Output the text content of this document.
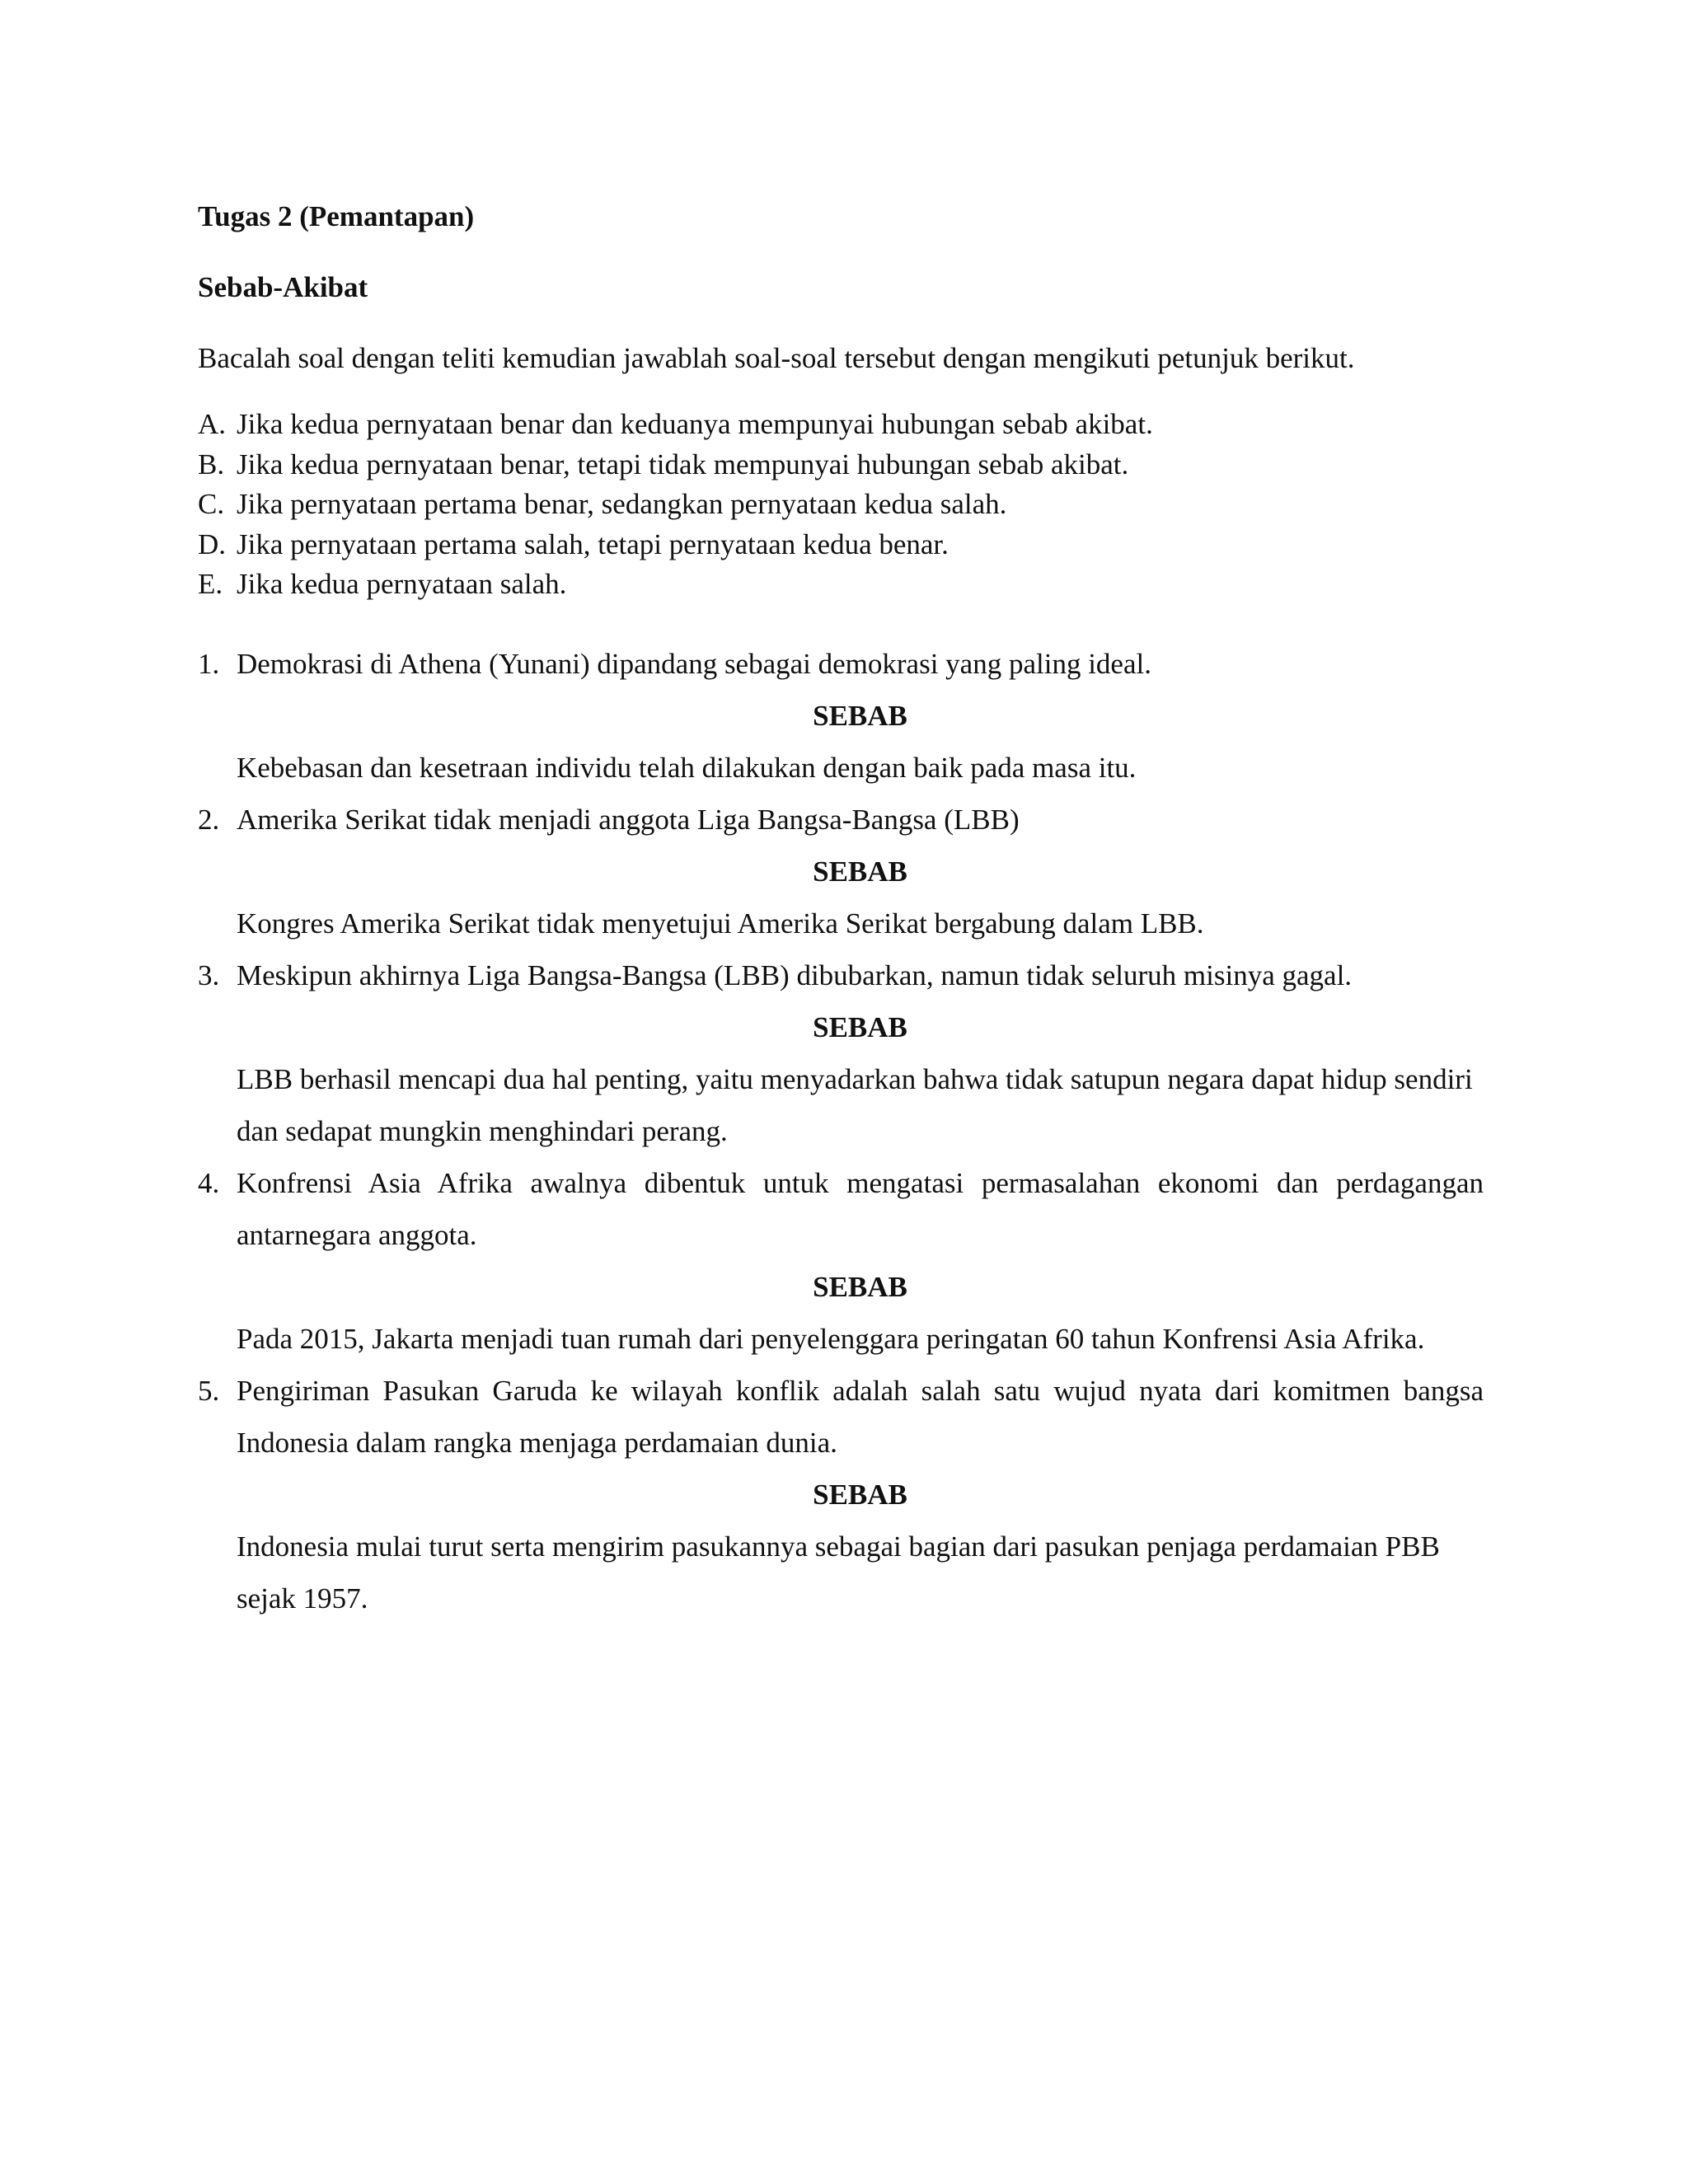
Tugas 2 (Pemantapan)
Sebab-Akibat
Bacalah soal dengan teliti kemudian jawablah soal-soal tersebut dengan mengikuti petunjuk berikut.
A. Jika kedua pernyataan benar dan keduanya mempunyai hubungan sebab akibat.
B. Jika kedua pernyataan benar, tetapi tidak mempunyai hubungan sebab akibat.
C. Jika pernyataan pertama benar, sedangkan pernyataan kedua salah.
D. Jika pernyataan pertama salah, tetapi pernyataan kedua benar.
E. Jika kedua pernyataan salah.
1. Demokrasi di Athena (Yunani) dipandang sebagai demokrasi yang paling ideal.
SEBAB
Kebebasan dan kesetraan individu telah dilakukan dengan baik pada masa itu.
2. Amerika Serikat tidak menjadi anggota Liga Bangsa-Bangsa (LBB)
SEBAB
Kongres Amerika Serikat tidak menyetujui Amerika Serikat bergabung dalam LBB.
3. Meskipun akhirnya Liga Bangsa-Bangsa (LBB) dibubarkan, namun tidak seluruh misinya gagal.
SEBAB
LBB berhasil mencapi dua hal penting, yaitu menyadarkan bahwa tidak satupun negara dapat hidup sendiri dan sedapat mungkin menghindari perang.
4. Konfrensi Asia Afrika awalnya dibentuk untuk mengatasi permasalahan ekonomi dan perdagangan antarnegara anggota.
SEBAB
Pada 2015, Jakarta menjadi tuan rumah dari penyelenggara peringatan 60 tahun Konfrensi Asia Afrika.
5. Pengiriman Pasukan Garuda ke wilayah konflik adalah salah satu wujud nyata dari komitmen bangsa Indonesia dalam rangka menjaga perdamaian dunia.
SEBAB
Indonesia mulai turut serta mengirim pasukannya sebagai bagian dari pasukan penjaga perdamaian PBB sejak 1957.
